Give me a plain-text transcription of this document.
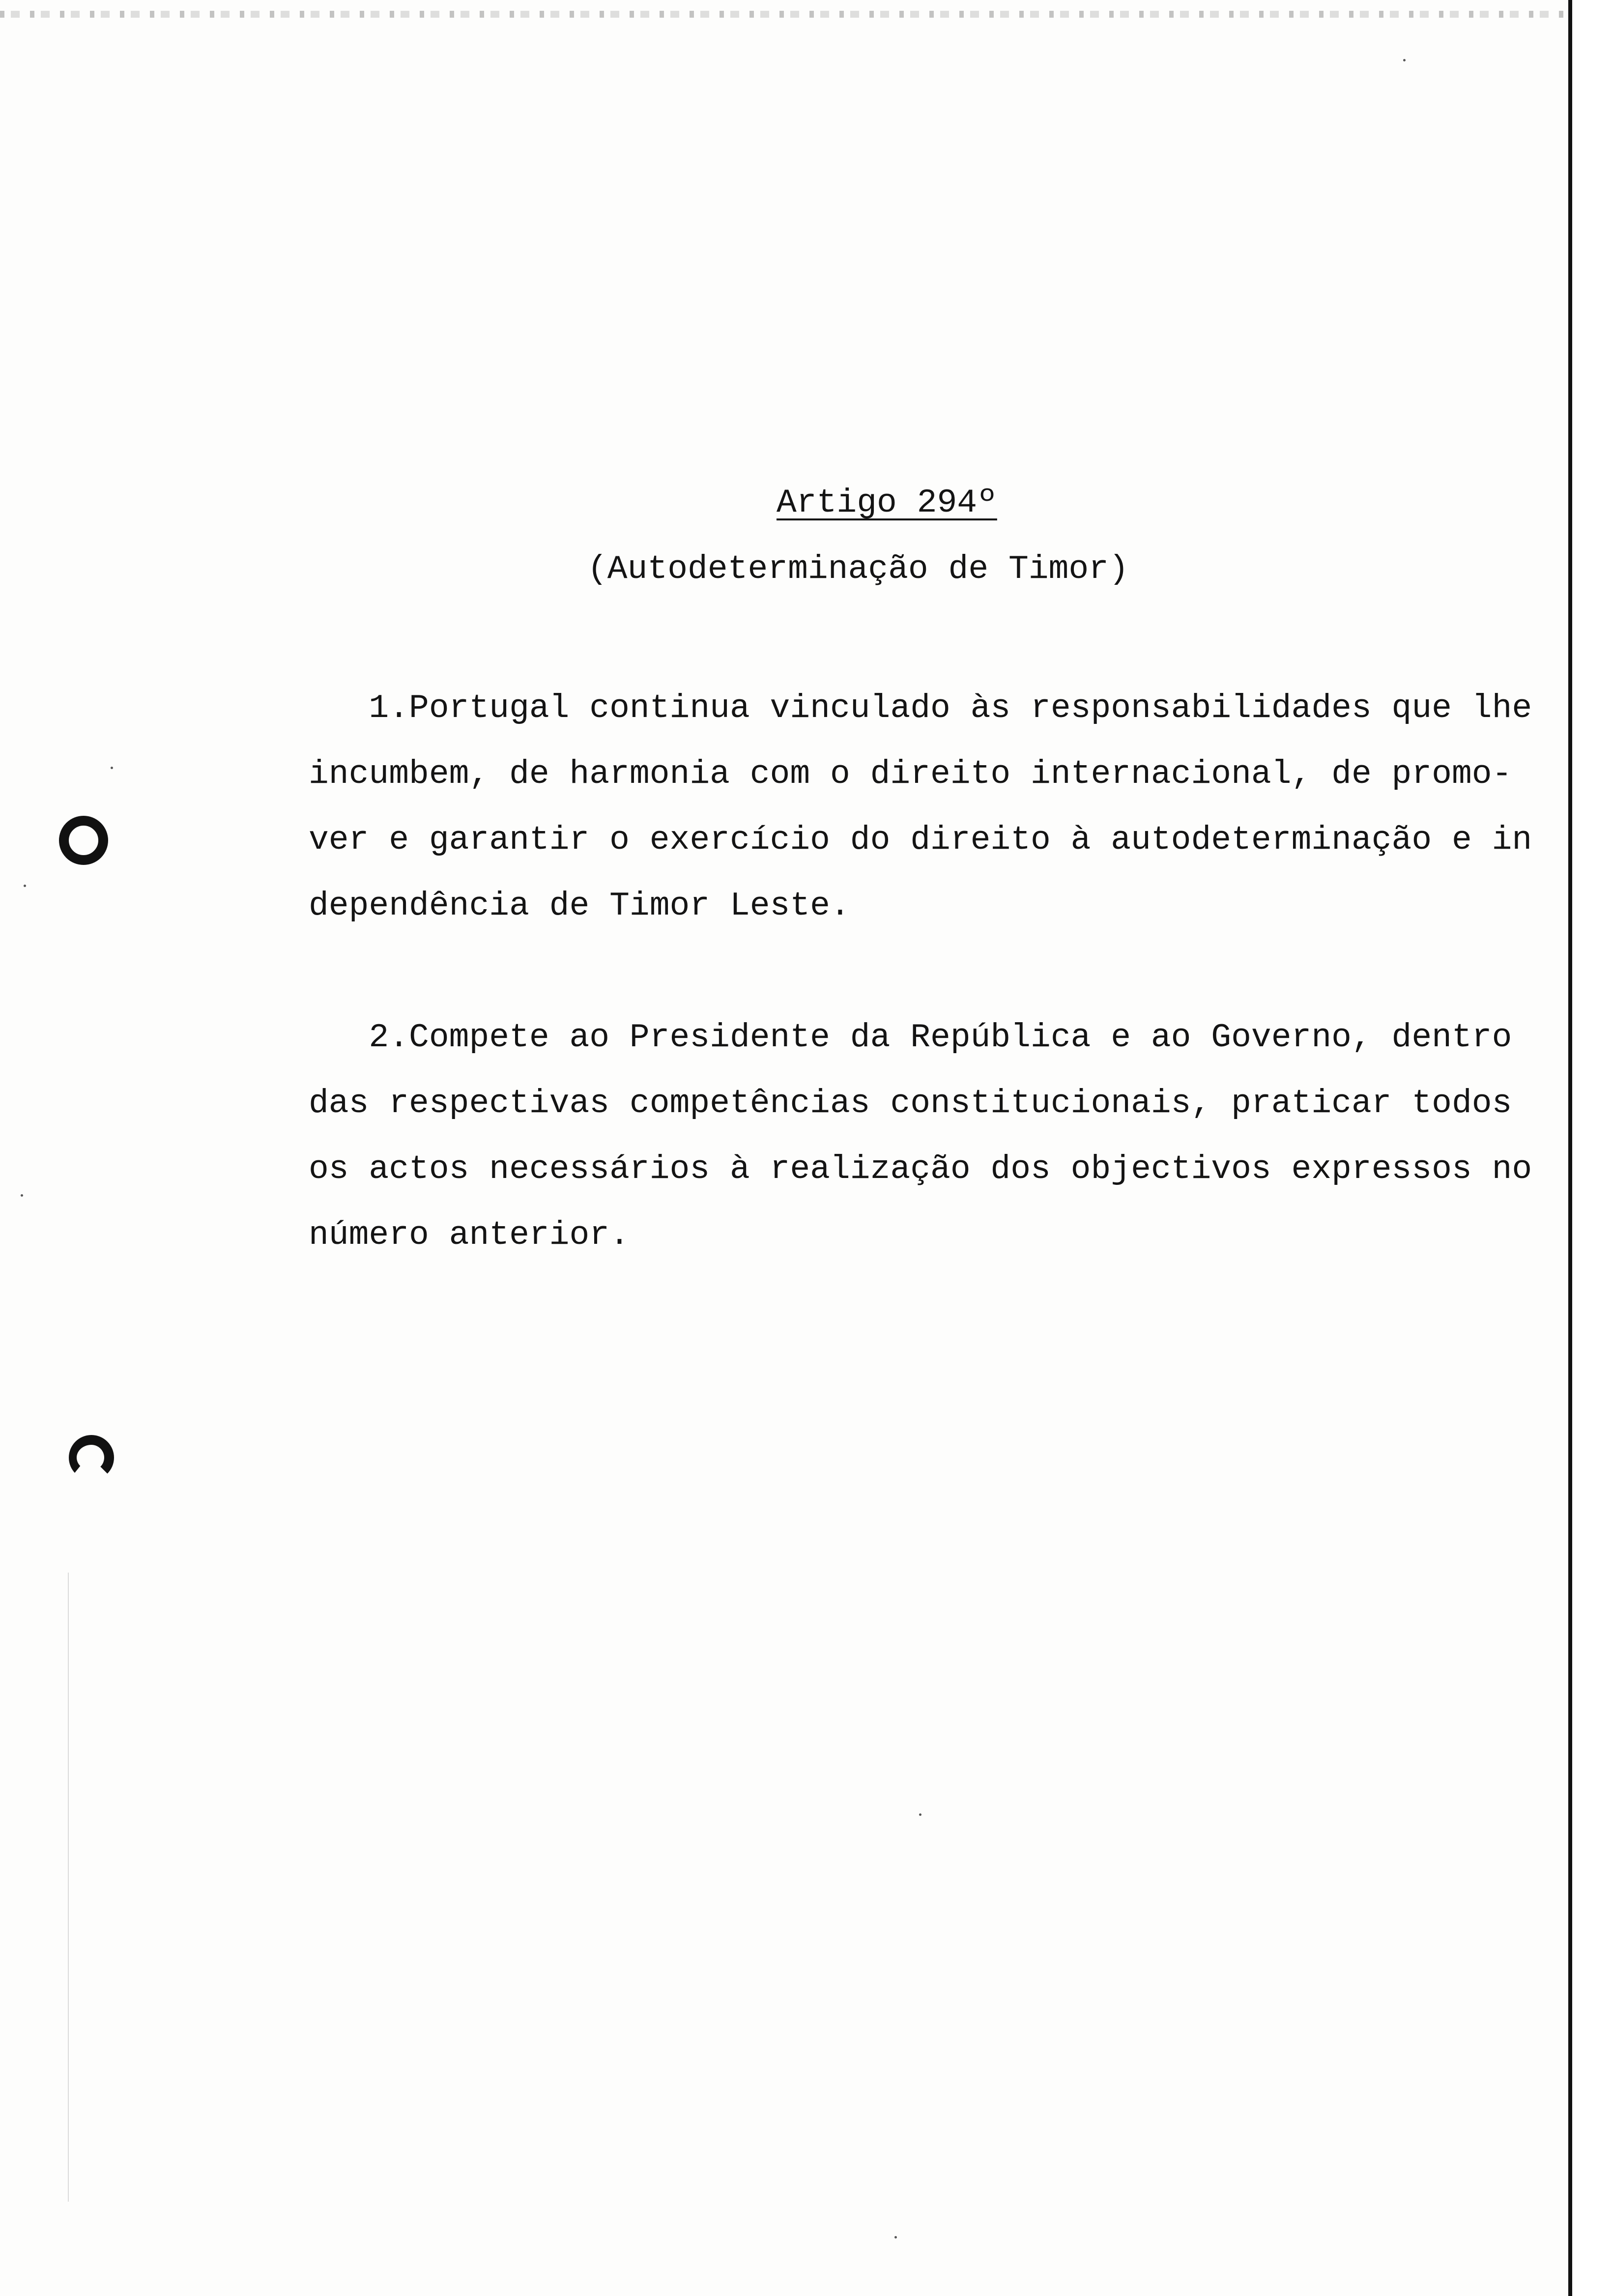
Artigo 294º
(Autodeterminação de Timor)
1.Portugal continua vinculado às responsabilidades que lhe
incumbem, de harmonia com o direito internacional, de promo-
ver e garantir o exercício do direito à autodeterminação e in
dependência de Timor Leste.
2.Compete ao Presidente da República e ao Governo, dentro
das respectivas competências constitucionais, praticar todos
os actos necessários à realização dos objectivos expressos no
número anterior.
